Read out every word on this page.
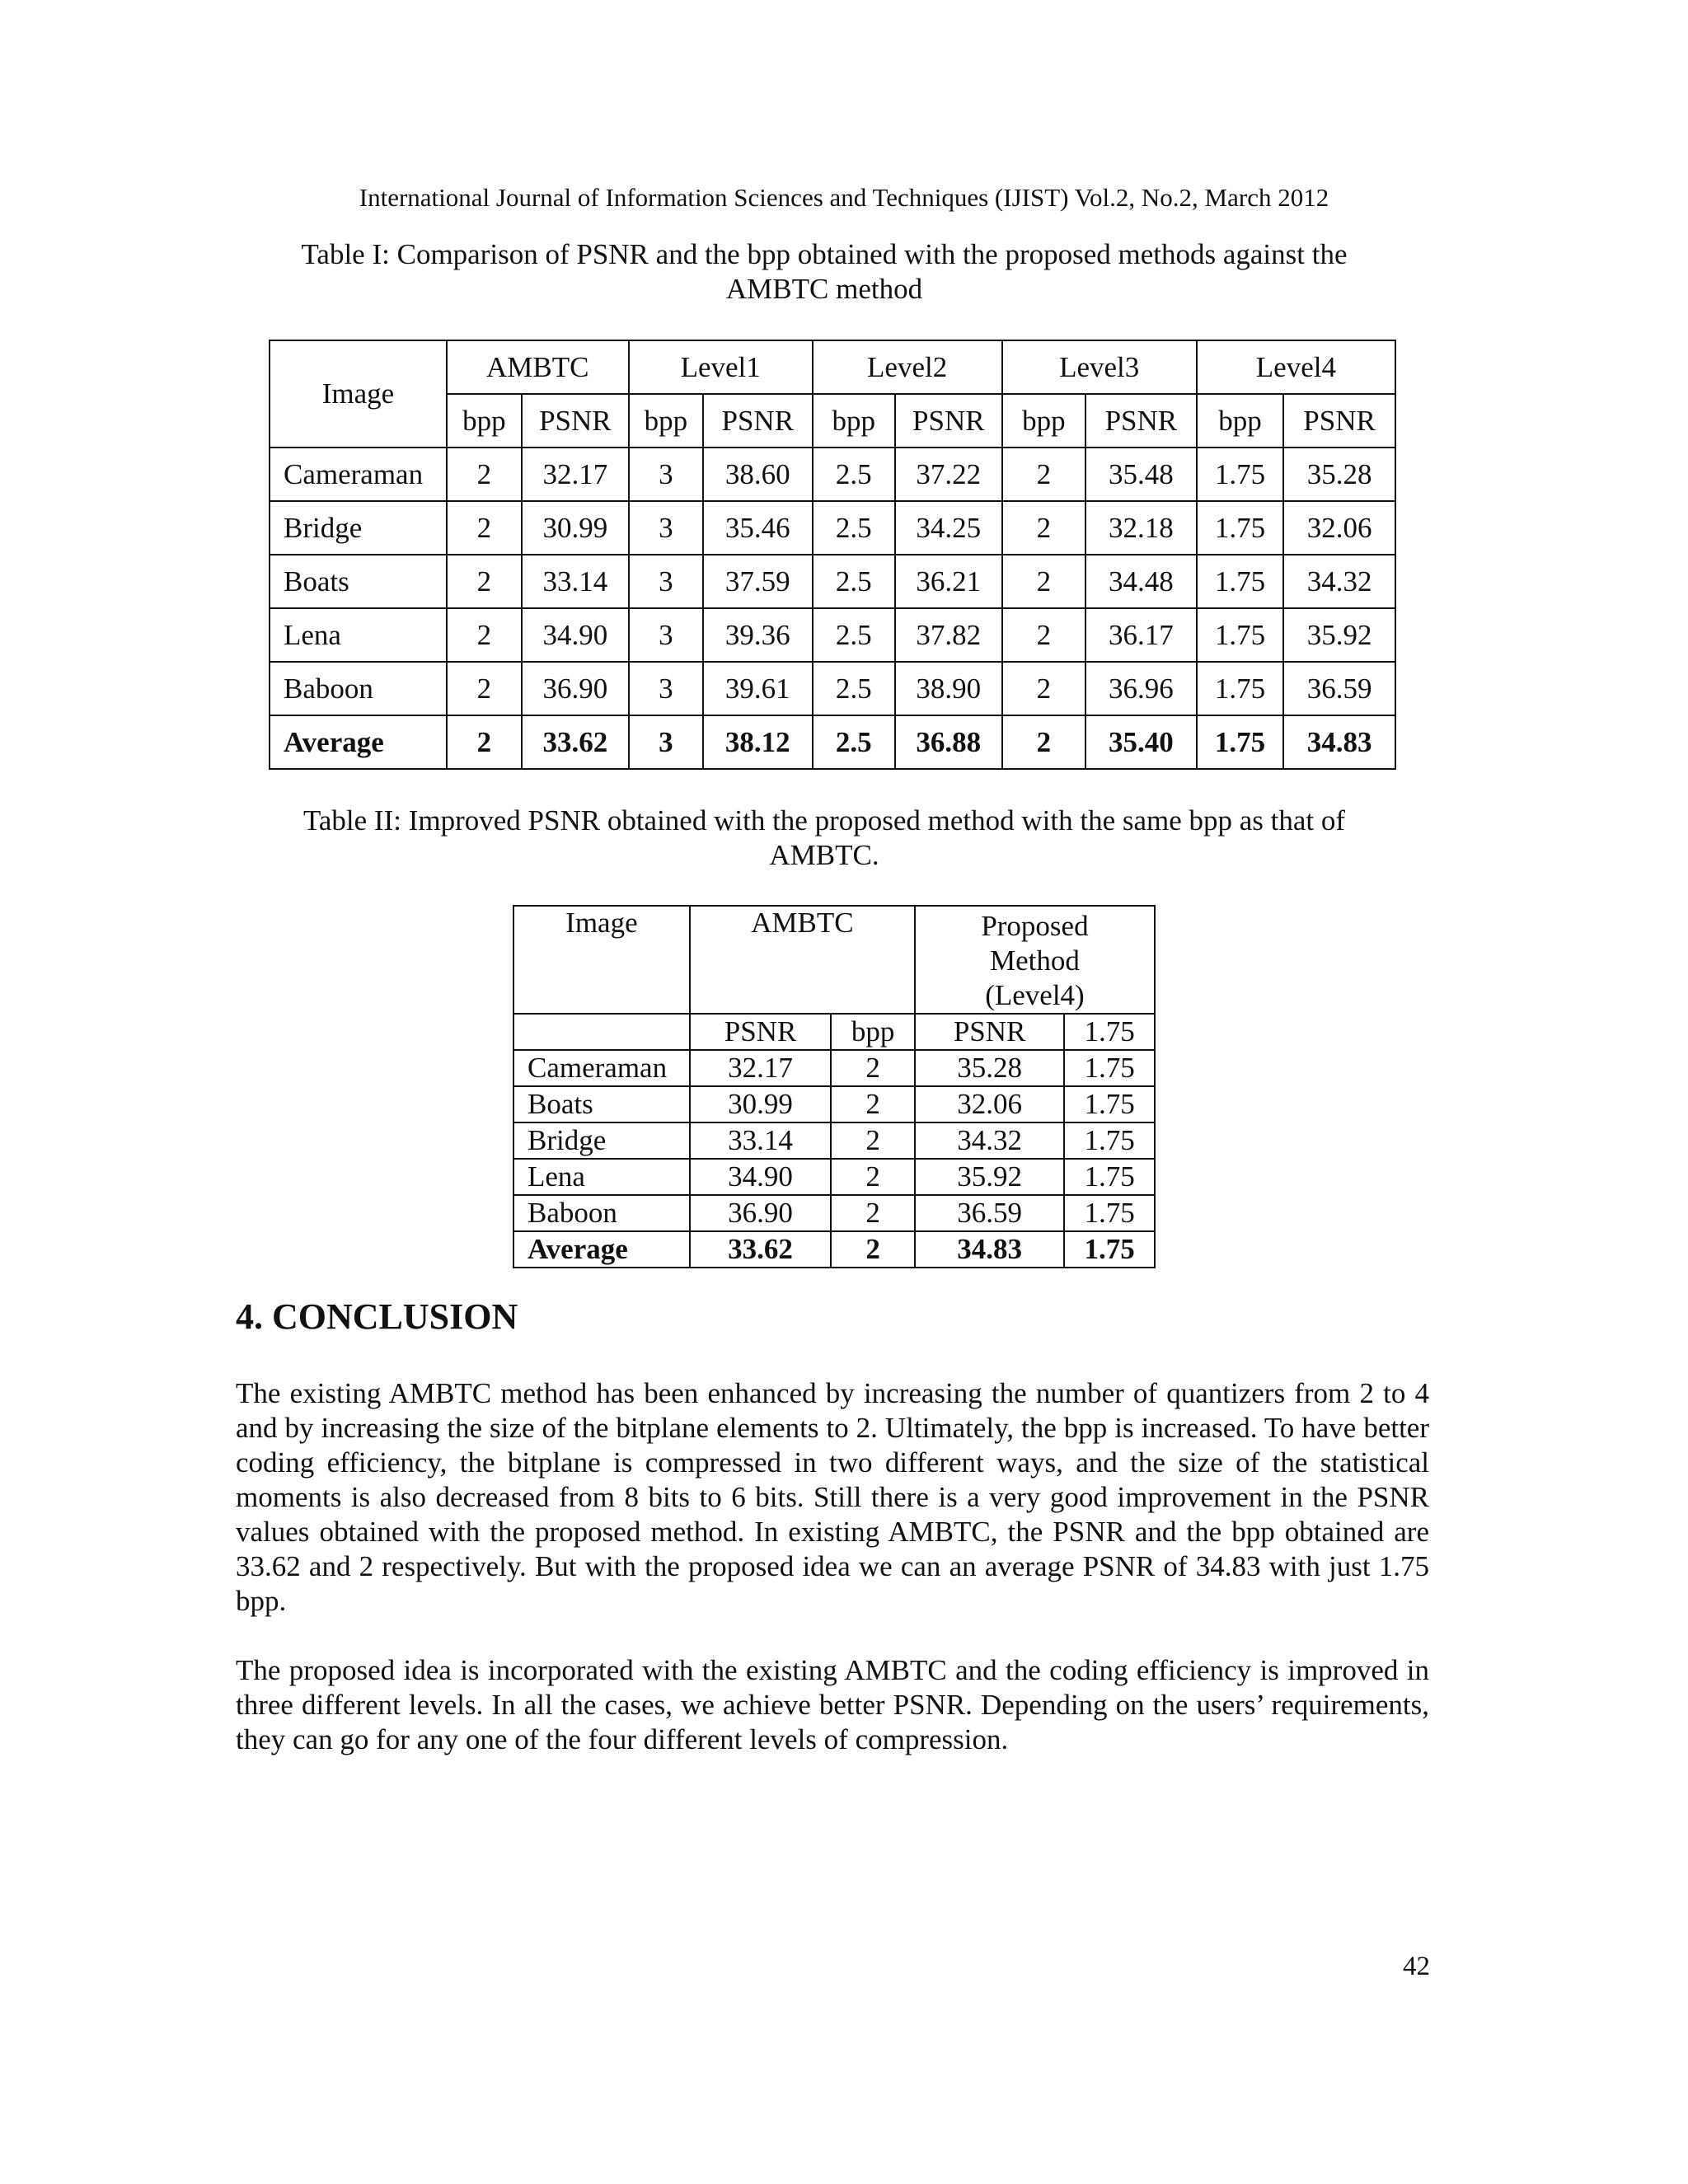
International Journal of Information Sciences and Techniques (IJIST) Vol.2, No.2, March 2012
Table I: Comparison of PSNR and the bpp obtained with the proposed methods against the AMBTC method
Image	AMBTC		Level1		Level2		Level3		Level4	
	bpp	PSNR	bpp	PSNR	bpp	PSNR	bpp	PSNR	bpp	PSNR
Cameraman	2	32.17	3	38.60	2.5	37.22	2	35.48	1.75	35.28
Bridge	2	30.99	3	35.46	2.5	34.25	2	32.18	1.75	32.06
Boats	2	33.14	3	37.59	2.5	36.21	2	34.48	1.75	34.32
Lena	2	34.90	3	39.36	2.5	37.82	2	36.17	1.75	35.92
Baboon	2	36.90	3	39.61	2.5	38.90	2	36.96	1.75	36.59
Average	2	33.62	3	38.12	2.5	36.88	2	35.40	1.75	34.83
Table II: Improved PSNR obtained with the proposed method with the same bpp as that of AMBTC.
Image	AMBTC		Proposed
Method
(Level4)	

	PSNR	bpp	PSNR	1.75
Cameraman	32.17	2	35.28	1.75
Boats	30.99	2	32.06	1.75
Bridge	33.14	2	34.32	1.75
Lena	34.90	2	35.92	1.75
Baboon	36.90	2	36.59	1.75
Average	33.62	2	34.83	1.75
4. CONCLUSION

The existing AMBTC method has been enhanced by increasing the number of quantizers from 2 to 4 and by increasing the size of the bitplane elements to 2. Ultimately, the bpp is increased. To have better coding efficiency, the bitplane is compressed in two different ways, and the size of the statistical moments is also decreased from 8 bits to 6 bits. Still there is a very good improvement in the PSNR values obtained with the proposed method. In existing AMBTC, the PSNR and the bpp obtained are 33.62 and 2 respectively. But with the proposed idea we can an average PSNR of 34.83 with just 1.75 bpp.

The proposed idea is incorporated with the existing AMBTC and the coding efficiency is improved in three different levels. In all the cases, we achieve better PSNR. Depending on the users’ requirements, they can go for any one of the four different levels of compression.

42
